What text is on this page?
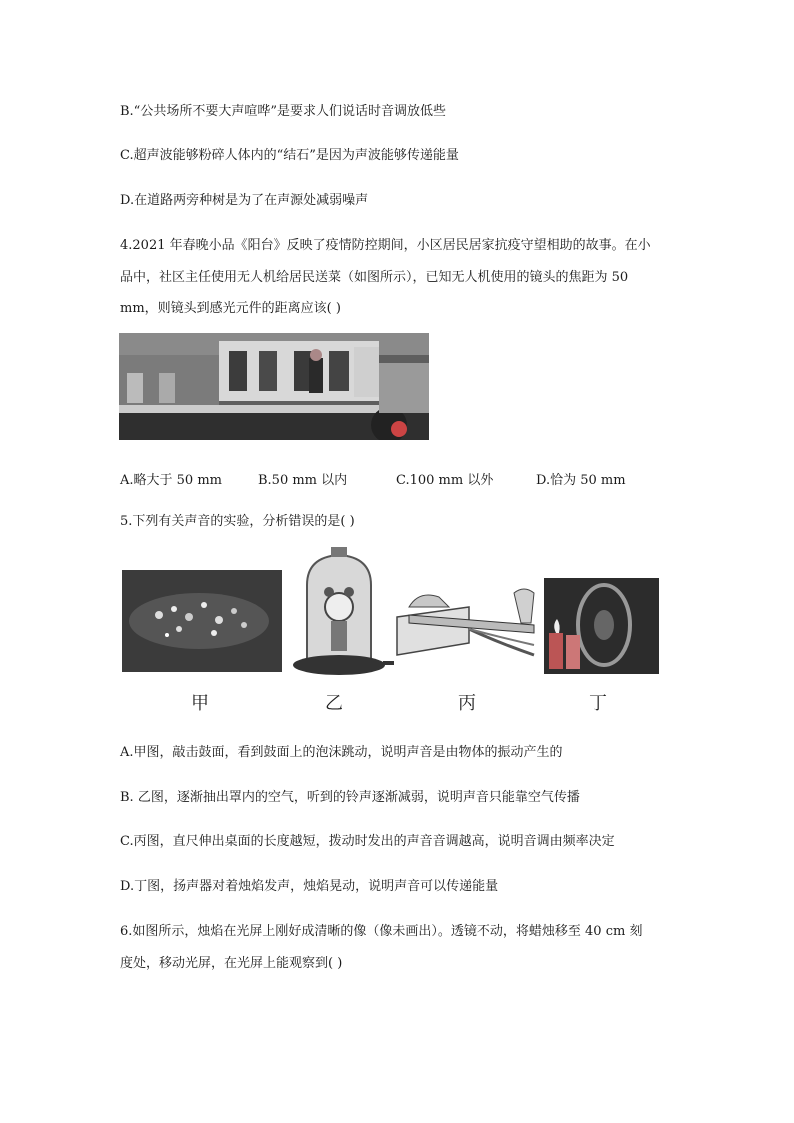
B.“公共场所不要大声喧哗”是要求人们说话时音调放低些
C.超声波能够粉碎人体内的“结石”是因为声波能够传递能量
D.在道路两旁种树是为了在声源处减弱噪声
4.2021 年春晚小品《阳台》反映了疫情防控期间，小区居民居家抗疫守望相助的故事。在小
品中，社区主任使用无人机给居民送菜（如图所示），已知无人机使用的镜头的焦距为 50
mm，则镜头到感光元件的距离应该( )
A.略大于 50 mm	B.50 mm 以内	C.100 mm 以外	D.恰为 50 mm
5.下列有关声音的实验，分析错误的是( )
甲	乙	丙	丁
A.甲图，敲击鼓面，看到鼓面上的泡沫跳动，说明声音是由物体的振动产生的
B. 乙图，逐渐抽出罩内的空气，听到的铃声逐渐减弱，说明声音只能靠空气传播
C.丙图，直尺伸出桌面的长度越短，拨动时发出的声音音调越高，说明音调由频率决定
D.丁图，扬声器对着烛焰发声，烛焰晃动，说明声音可以传递能量
6.如图所示，烛焰在光屏上刚好成清晰的像（像未画出）。透镜不动，将蜡烛移至 40 cm 刻
度处，移动光屏，在光屏上能观察到( )
